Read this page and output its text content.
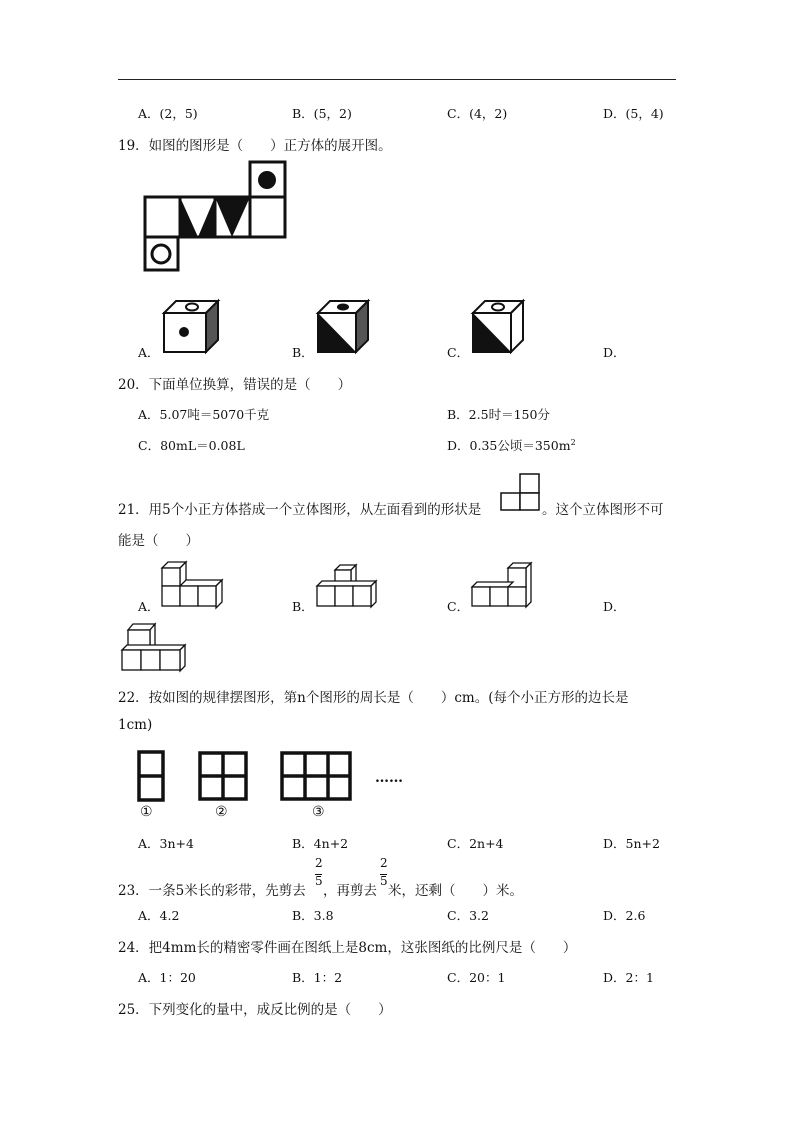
A．(2，5)	B．(5，2)	C．(4，2)	D．(5，4)
19．如图的图形是（　　）正方体的展开图。
A．	B．	C．	D．
20．下面单位换算，错误的是（　　）
A．5.07吨＝5070千克	B．2.5时＝150分
C．80mL＝0.08L	D．0.35公顷$=350m^2$
21．用5个小正方体搭成一个立体图形，从左面看到的形状是	。这个立体图形不可
能是（　　）
A．	B．	C．	D．
22．按如图的规律摆图形，第n个图形的周长是（　　）cm。(每个小正方形的边长是
1cm)
①	②	③
……
A．3n+4	B．4n+2	C．2n+4	D．5n+2
23．一条5米长的彩带，先剪去
2
5
，再剪去
2
5
米，还剩（　　）米。
A．4.2	B．3.8	C．3.2	D．2.6
24．把4mm长的精密零件画在图纸上是8cm，这张图纸的比例尺是（　　）
A．1：20	B．1：2	C．20：1	D．2：1
25．下列变化的量中，成反比例的是（　　）
